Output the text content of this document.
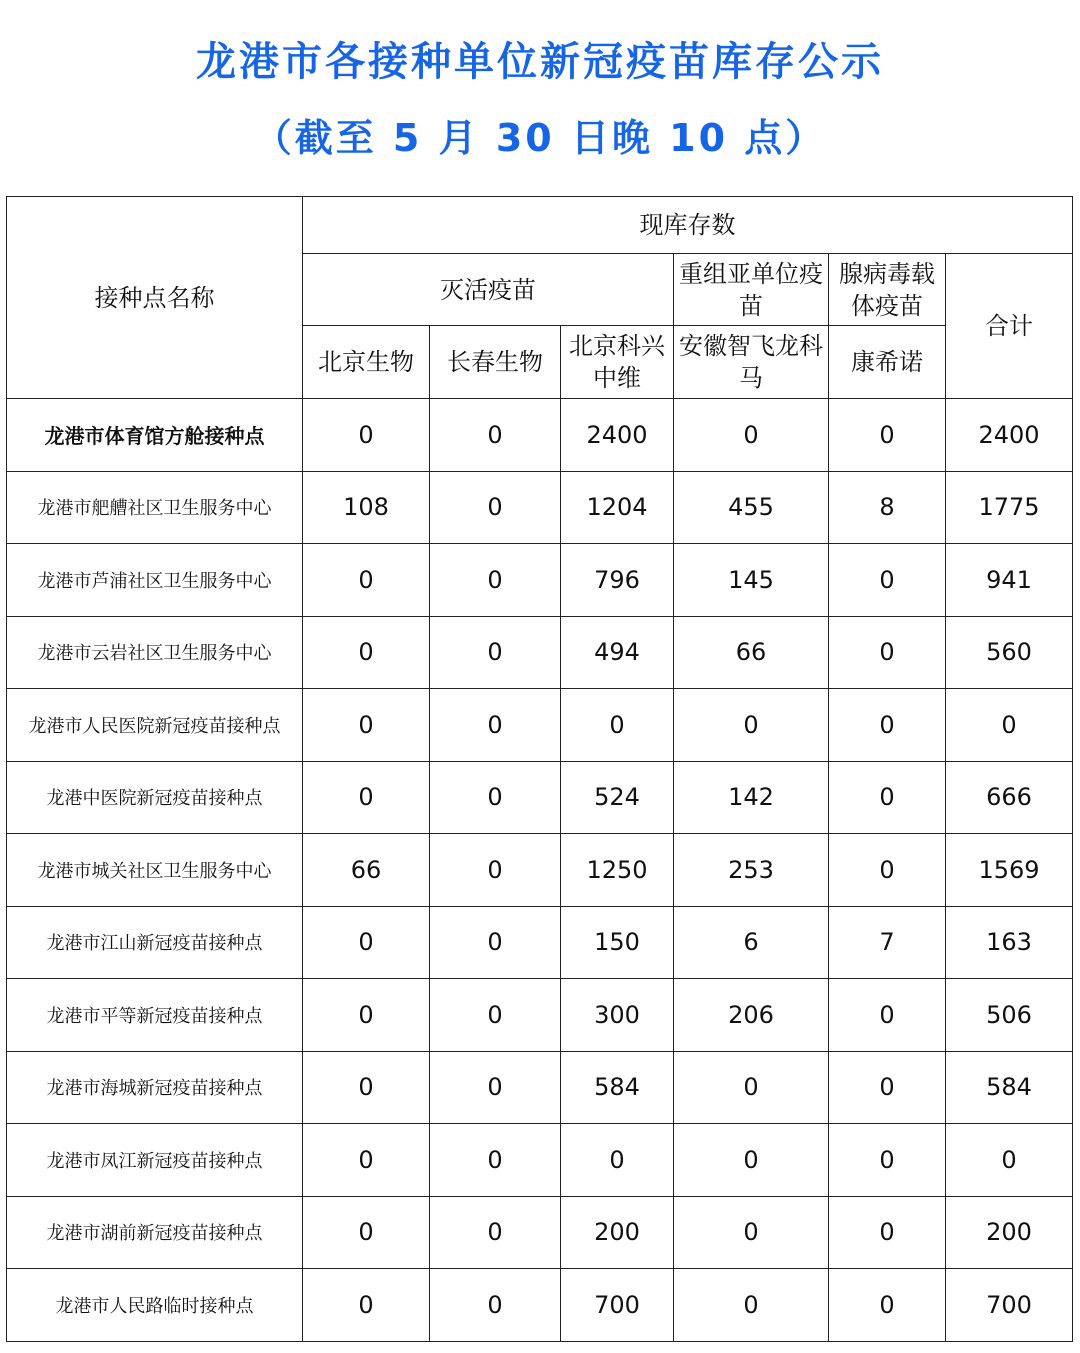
龙港市各接种单位新冠疫苗库存公示
（截至 5 月 30 日晚 10 点）
接种点名称	现库存数					
	灭活疫苗			重组亚单位疫苗	腺病毒载体疫苗	合计
	北京生物	长春生物	北京科兴中维	安徽智飞龙科马	康希诺	
龙港市体育馆方舱接种点	0	0	2400	0	0	2400
龙港市舥艚社区卫生服务中心	108	0	1204	455	8	1775
龙港市芦浦社区卫生服务中心	0	0	796	145	0	941
龙港市云岩社区卫生服务中心	0	0	494	66	0	560
龙港市人民医院新冠疫苗接种点	0	0	0	0	0	0
龙港中医院新冠疫苗接种点	0	0	524	142	0	666
龙港市城关社区卫生服务中心	66	0	1250	253	0	1569
龙港市江山新冠疫苗接种点	0	0	150	6	7	163
龙港市平等新冠疫苗接种点	0	0	300	206	0	506
龙港市海城新冠疫苗接种点	0	0	584	0	0	584
龙港市凤江新冠疫苗接种点	0	0	0	0	0	0
龙港市湖前新冠疫苗接种点	0	0	200	0	0	200
龙港市人民路临时接种点	0	0	700	0	0	700
